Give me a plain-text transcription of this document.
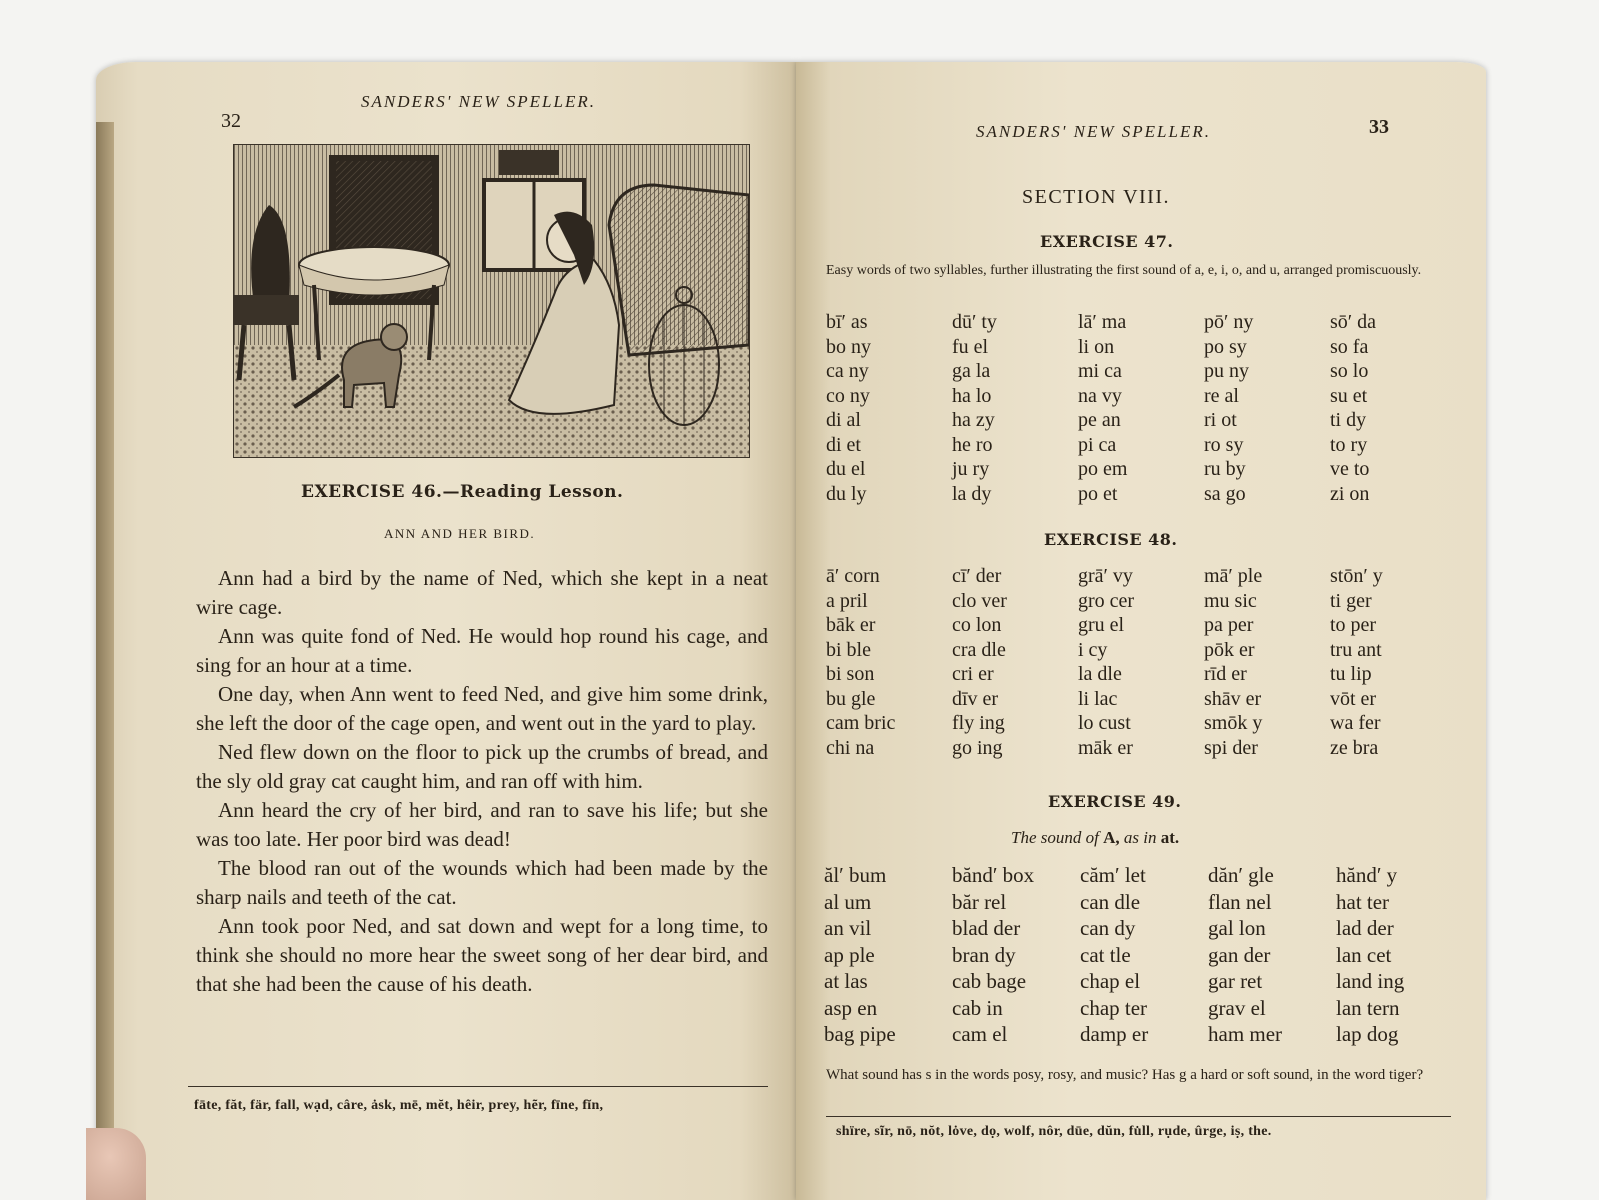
32
SANDERS' NEW SPELLER.
EXERCISE 46.—Reading Lesson.
ANN AND HER BIRD.

Ann had a bird by the name of Ned, which she kept in a neat wire cage.

Ann was quite fond of Ned. He would hop round his cage, and sing for an hour at a time.

One day, when Ann went to feed Ned, and give him some drink, she left the door of the cage open, and went out in the yard to play.

Ned flew down on the floor to pick up the crumbs of bread, and the sly old gray cat caught him, and ran off with him.

Ann heard the cry of her bird, and ran to save his life; but she was too late. Her poor bird was dead!

The blood ran out of the wounds which had been made by the sharp nails and teeth of the cat.

Ann took poor Ned, and sat down and wept for a long time, to think she should no more hear the sweet song of her dear bird, and that she had been the cause of his death.

fāte, făt, fär, fall, wạd, câre, ȧsk, mē, mĕt, hêir, prey, hẽr, fīne, fĭn,
SANDERS' NEW SPELLER.	33
SECTION VIII.
EXERCISE 47.
Easy words of two syllables, further illustrating the first sound of a, e, i, o, and u, arranged promiscuously.
bī′ as
bo ny
ca ny
co ny
di al
di et
du el
du ly
dū′ ty
fu el
ga la
ha lo
ha zy
he ro
ju ry
la dy
lā′ ma
li on
mi ca
na vy
pe an
pi ca
po em
po et
pō′ ny
po sy
pu ny
re al
ri ot
ro sy
ru by
sa go
sō′ da
so fa
so lo
su et
ti dy
to ry
ve to
zi on
EXERCISE 48.
ā′ corn
a pril
bāk er
bi ble
bi son
bu gle
cam bric
chi na
cī′ der
clo ver
co lon
cra dle
cri er
dīv er
fly ing
go ing
grā′ vy
gro cer
gru el
i cy
la dle
li lac
lo cust
māk er
mā′ ple
mu sic
pa per
pōk er
rīd er
shāv er
smōk y
spi der
stōn′ y
ti ger
to per
tru ant
tu lip
vōt er
wa fer
ze bra
EXERCISE 49.
The sound of A, as in at.
ăl′ bum
al um
an vil
ap ple
at las
asp en
bag pipe
bănd′ box
băr rel
blad der
bran dy
cab bage
cab in
cam el
căm′ let
can dle
can dy
cat tle
chap el
chap ter
damp er
dăn′ gle
flan nel
gal lon
gan der
gar ret
grav el
ham mer
hănd′ y
hat ter
lad der
lan cet
land ing
lan tern
lap dog
What sound has s in the words posy, rosy, and music? Has g a hard or soft sound, in the word tiger?
shïre, sĩr, nō, nŏt, lȯve, dọ, wolf, nôr, dūe, dŭn, fu̇ll, rụde, ûrge, iṣ, the.
